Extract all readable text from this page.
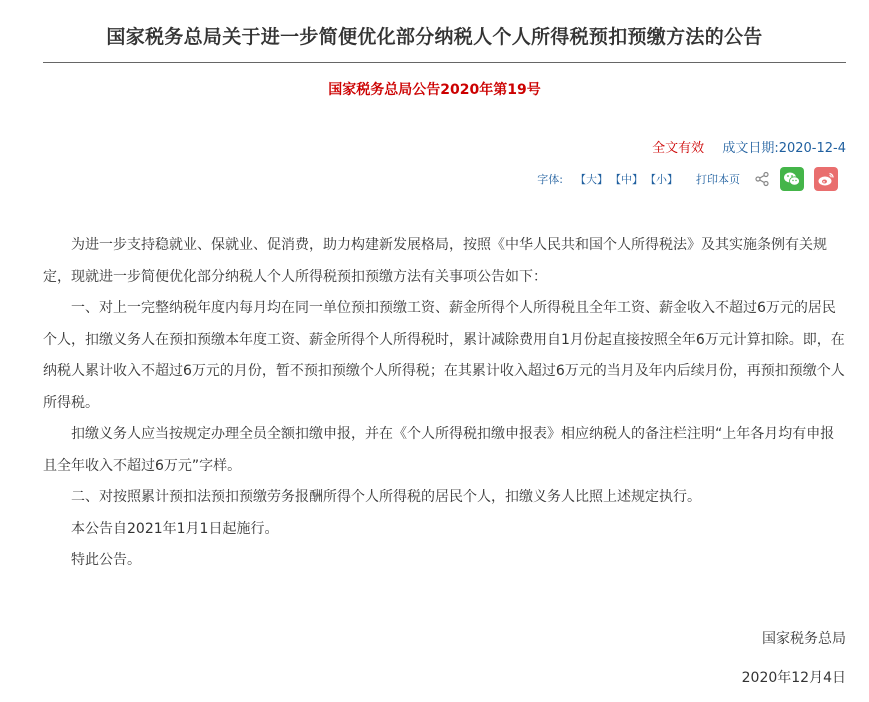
国家税务总局关于进一步简便优化部分纳税人个人所得税预扣预缴方法的公告
国家税务总局公告2020年第19号
全文有效 成文日期:2020-12-4
字体: 【大】 【中】 【小】 打印本页

为进一步支持稳就业、保就业、促消费，助力构建新发展格局，按照《中华人民共和国个人所得税法》及其实施条例有关规定，现就进一步简便优化部分纳税人个人所得税预扣预缴方法有关事项公告如下：

一、对上一完整纳税年度内每月均在同一单位预扣预缴工资、薪金所得个人所得税且全年工资、薪金收入不超过6万元的居民个人，扣缴义务人在预扣预缴本年度工资、薪金所得个人所得税时，累计减除费用自1月份起直接按照全年6万元计算扣除。即，在纳税人累计收入不超过6万元的月份，暂不预扣预缴个人所得税；在其累计收入超过6万元的当月及年内后续月份，再预扣预缴个人所得税。

扣缴义务人应当按规定办理全员全额扣缴申报，并在《个人所得税扣缴申报表》相应纳税人的备注栏注明“上年各月均有申报且全年收入不超过6万元”字样。

二、对按照累计预扣法预扣预缴劳务报酬所得个人所得税的居民个人，扣缴义务人比照上述规定执行。

本公告自2021年1月1日起施行。

特此公告。

国家税务总局
2020年12月4日
